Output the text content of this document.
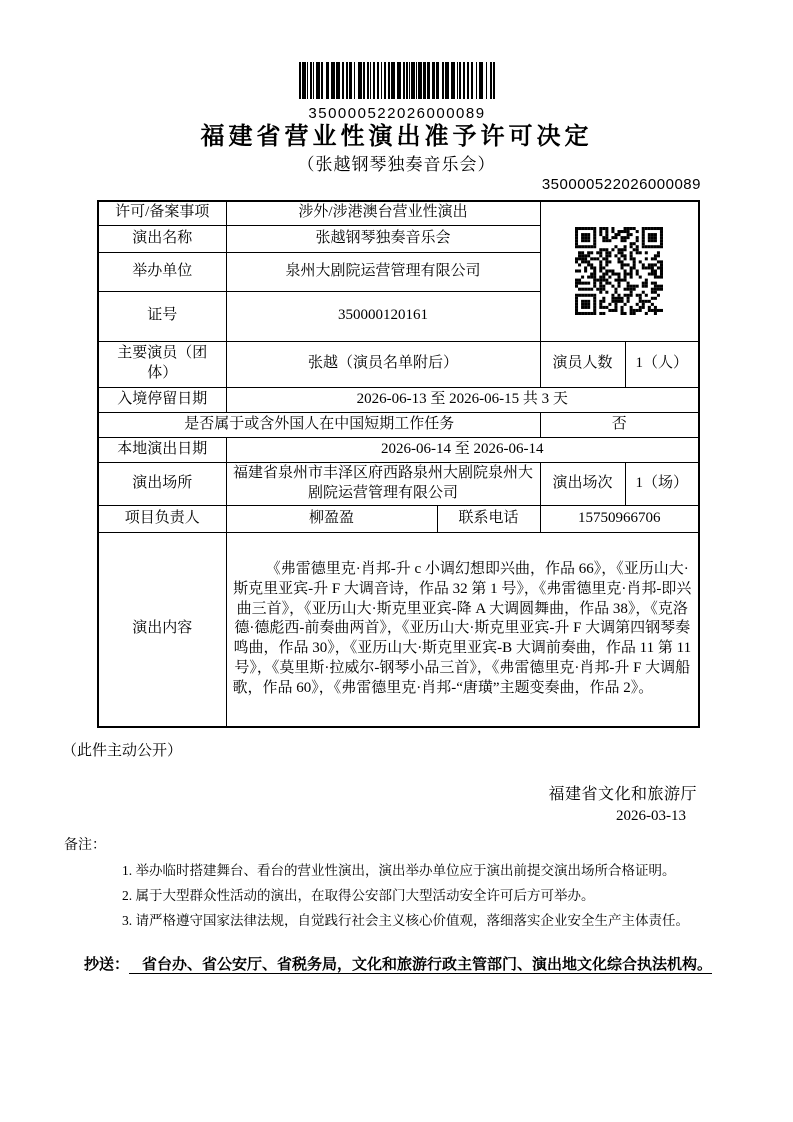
350000522026000089
福建省营业性演出准予许可决定
（张越钢琴独奏音乐会）
350000522026000089
许可/备案事项	涉外/涉港澳台营业性演出	
演出名称	张越钢琴独奏音乐会			
举办单位	泉州大剧院运营管理有限公司			
证号	350000120161			
主要演员（团体）	张越（演员名单附后）		演员人数	1（人）
入境停留日期	2026-06-13 至 2026-06-15 共 3 天			
是否属于或含外国人在中国短期工作任务			否	
本地演出日期	2026-06-14 至 2026-06-14			
演出场所	福建省泉州市丰泽区府西路泉州大剧院泉州大剧院运营管理有限公司		演出场次	1（场）
项目负责人	柳盈盈	联系电话	15750966706	
演出内容	《弗雷德里克·肖邦-升 c 小调幻想即兴曲，作品 66》，《亚历山大·斯克里亚宾-升 F 大调音诗，作品 32 第 1 号》，《弗雷德里克·肖邦-即兴曲三首》，《亚历山大·斯克里亚宾-降 A 大调圆舞曲，作品 38》，《克洛德·德彪西-前奏曲两首》，《亚历山大·斯克里亚宾-升 F 大调第四钢琴奏鸣曲，作品 30》，《亚历山大·斯克里亚宾-B 大调前奏曲，作品 11 第 11 号》，《莫里斯·拉威尔-钢琴小品三首》，《弗雷德里克·肖邦-升 F 大调船歌，作品 60》，《弗雷德里克·肖邦-“唐璜”主题变奏曲，作品 2》。			
（此件主动公开）
福建省文化和旅游厅
2026-03-13
备注：
1. 举办临时搭建舞台、看台的营业性演出，演出举办单位应于演出前提交演出场所合格证明。
2. 属于大型群众性活动的演出，在取得公安部门大型活动安全许可后方可举办。
3. 请严格遵守国家法律法规，自觉践行社会主义核心价值观，落细落实企业安全生产主体责任。
抄送： 省台办、省公安厅、省税务局，文化和旅游行政主管部门、演出地文化综合执法机构。
